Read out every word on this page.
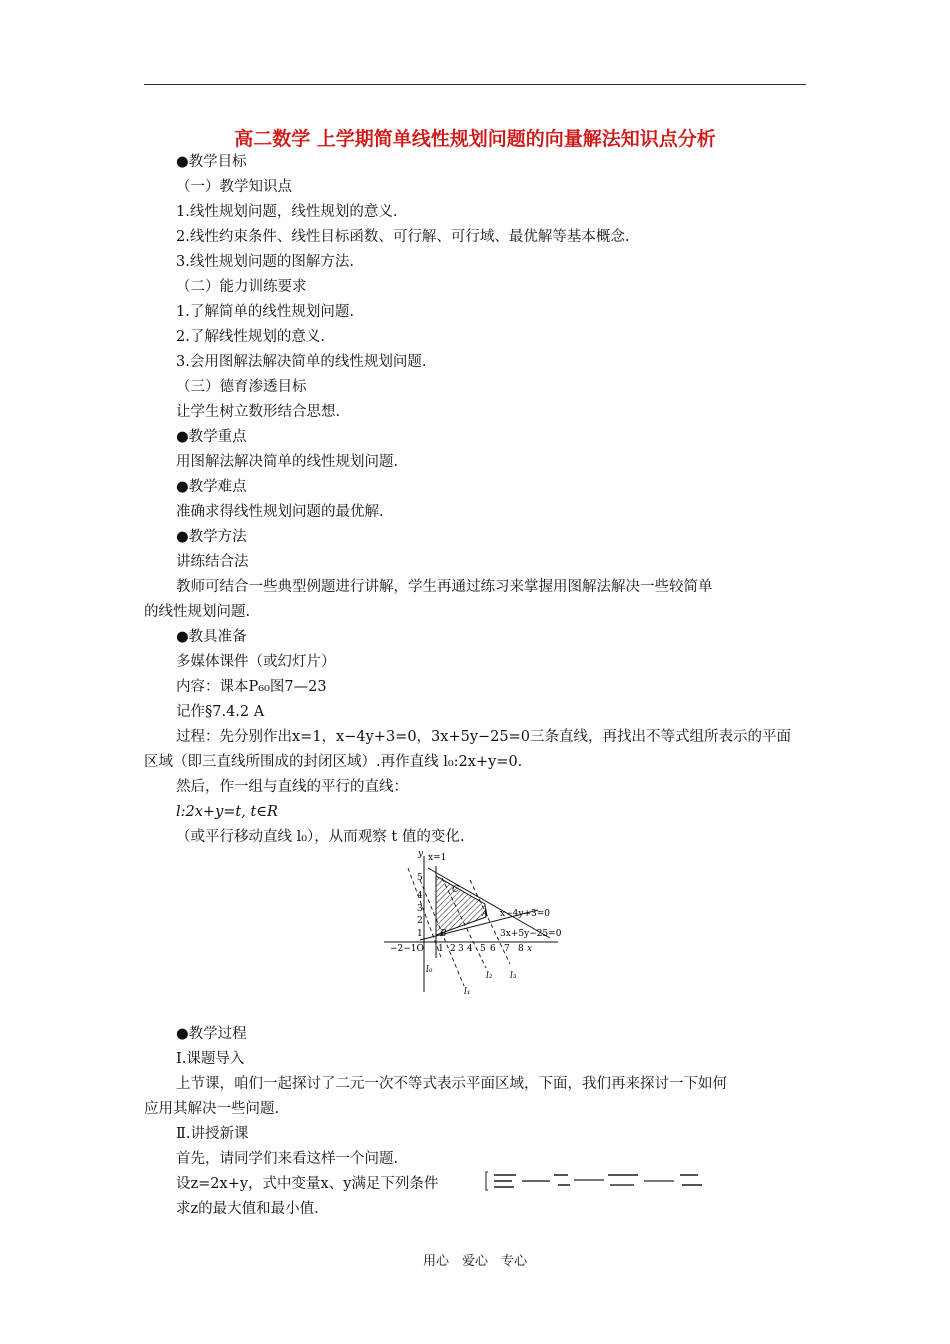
高二数学 上学期简单线性规划问题的向量解法知识点分析
●教学目标
（一）教学知识点
1.线性规划问题，线性规划的意义.
2.线性约束条件、线性目标函数、可行解、可行域、最优解等基本概念.
3.线性规划问题的图解方法.
（二）能力训练要求
1.了解简单的线性规划问题.
2.了解线性规划的意义.
3.会用图解法解决简单的线性规划问题.
（三）德育渗透目标
让学生树立数形结合思想.
●教学重点
用图解法解决简单的线性规划问题.
●教学难点
准确求得线性规划问题的最优解.
●教学方法
讲练结合法
教师可结合一些典型例题进行讲解，学生再通过练习来掌握用图解法解决一些较简单
的线性规划问题.
●教具准备
多媒体课件（或幻灯片）
内容：课本P₆₀图7—23
记作§7.4.2 A
过程：先分别作出x=1，x−4y+3=0，3x+5y−25=0三条直线，再找出不等式组所表示的平面
区域（即三直线所围成的封闭区域）.再作直线 l₀:2x+y=0.
然后，作一组与直线的平行的直线：
l:2x+y=t, t∈R
（或平行移动直线 l₀），从而观察 t 值的变化.
y x=1
x−4y+3=0
3x+5y−25=0
A
B
C
−2−1O 1 2 3 4 5 6 7 8 x
1
2
3
4
5
l₀
l₁
l₂ l₃
●教学过程
Ⅰ.课题导入
上节课，咱们一起探讨了二元一次不等式表示平面区域，下面，我们再来探讨一下如何
应用其解决一些问题.
Ⅱ.讲授新课
首先，请同学们来看这样一个问题.
设z=2x+y，式中变量x、y满足下列条件
求z的最大值和最小值.
用心　爱心　专心
